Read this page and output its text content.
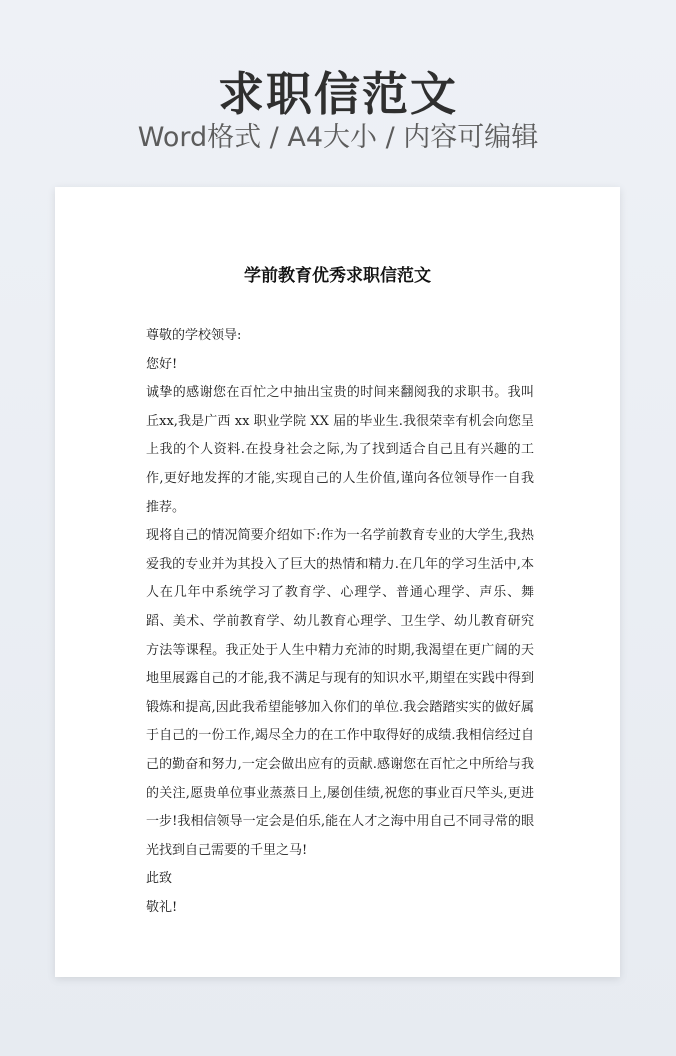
求职信范文
Word格式 / A4大小 / 内容可编辑
学前教育优秀求职信范文

尊敬的学校领导:

您好!

诚挚的感谢您在百忙之中抽出宝贵的时间来翻阅我的求职书。我叫丘xx,我是广西 xx 职业学院 XX 届的毕业生.我很荣幸有机会向您呈上我的个人资料.在投身社会之际,为了找到适合自己且有兴趣的工作,更好地发挥的才能,实现自己的人生价值,谨向各位领导作一自我推荐。

现将自己的情况简要介绍如下:作为一名学前教育专业的大学生,我热爱我的专业并为其投入了巨大的热情和精力.在几年的学习生活中,本人在几年中系统学习了教育学、心理学、普通心理学、声乐、舞蹈、美术、学前教育学、幼儿教育心理学、卫生学、幼儿教育研究方法等课程。我正处于人生中精力充沛的时期,我渴望在更广阔的天地里展露自己的才能,我不满足与现有的知识水平,期望在实践中得到锻炼和提高,因此我希望能够加入你们的单位.我会踏踏实实的做好属于自己的一份工作,竭尽全力的在工作中取得好的成绩.我相信经过自己的勤奋和努力,一定会做出应有的贡献.感谢您在百忙之中所给与我的关注,愿贵单位事业蒸蒸日上,屡创佳绩,祝您的事业百尺竿头,更进一步!我相信领导一定会是伯乐,能在人才之海中用自己不同寻常的眼光找到自己需要的千里之马!

此致

敬礼!
